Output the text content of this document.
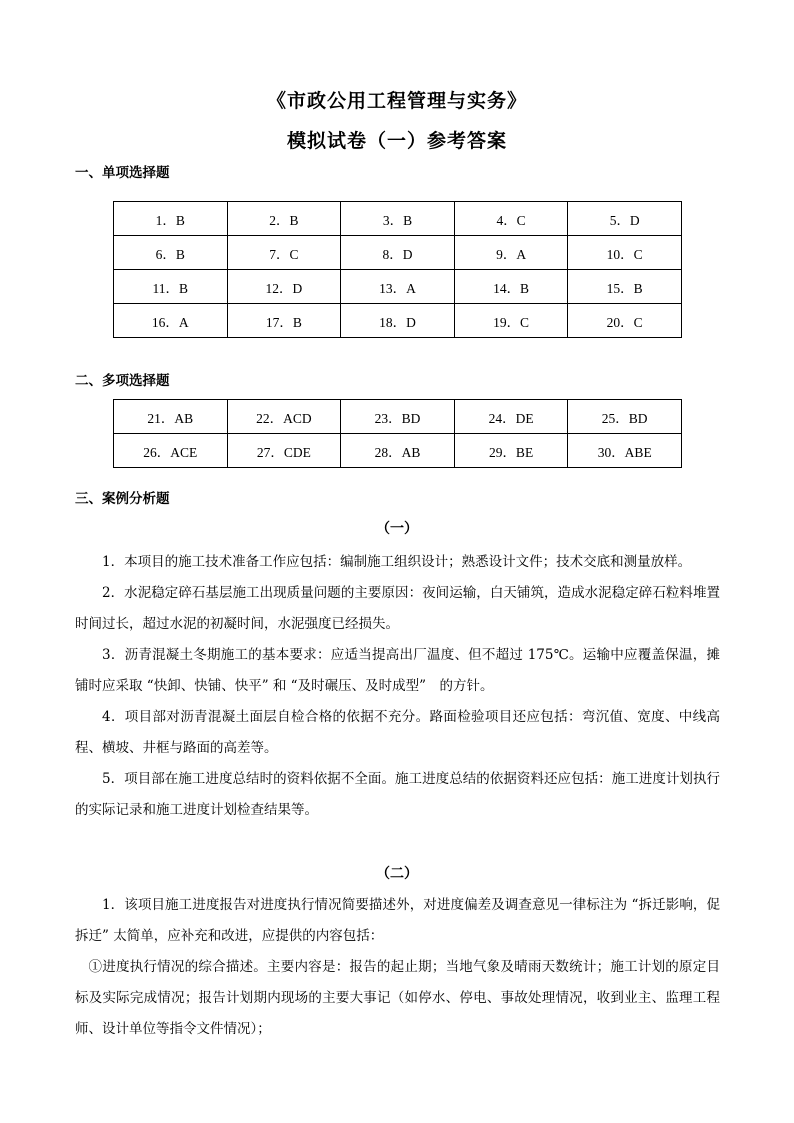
《市政公用工程管理与实务》
模拟试卷（一）参考答案
一、单项选择题
1．B	2．B	3．B	4．C	5．D
6．B	7．C	8．D	9．A	10．C
11．B	12．D	13．A	14．B	15．B
16．A	17．B	18．D	19．C	20．C
二、多项选择题
21．AB	22．ACD	23．BD	24．DE	25．BD
26．ACE	27．CDE	28．AB	29．BE	30．ABE
三、案例分析题
（一）
1．本项目的施工技术准备工作应包括：编制施工组织设计；熟悉设计文件；技术交底和测量放样。
2．水泥稳定碎石基层施工出现质量问题的主要原因：夜间运输，白天铺筑，造成水泥稳定碎石粒料堆置时间过长，超过水泥的初凝时间，水泥强度已经损失。
3．沥青混凝土冬期施工的基本要求：应适当提高出厂温度、但不超过 175℃。运输中应覆盖保温，摊铺时应采取 “快卸、快铺、快平” 和 “及时碾压、及时成型”　的方针。
4．项目部对沥青混凝土面层自检合格的依据不充分。路面检验项目还应包括：弯沉值、宽度、中线高程、横坡、井框与路面的高差等。
5．项目部在施工进度总结时的资料依据不全面。施工进度总结的依据资料还应包括：施工进度计划执行的实际记录和施工进度计划检查结果等。
（二）
1．该项目施工进度报告对进度执行情况简要描述外，对进度偏差及调查意见一律标注为 “拆迁影响，促拆迁” 太简单，应补充和改进，应提供的内容包括：
①进度执行情况的综合描述。主要内容是：报告的起止期；当地气象及晴雨天数统计；施工计划的原定目标及实际完成情况；报告计划期内现场的主要大事记（如停水、停电、事故处理情况，收到业主、监理工程师、设计单位等指令文件情况）；
